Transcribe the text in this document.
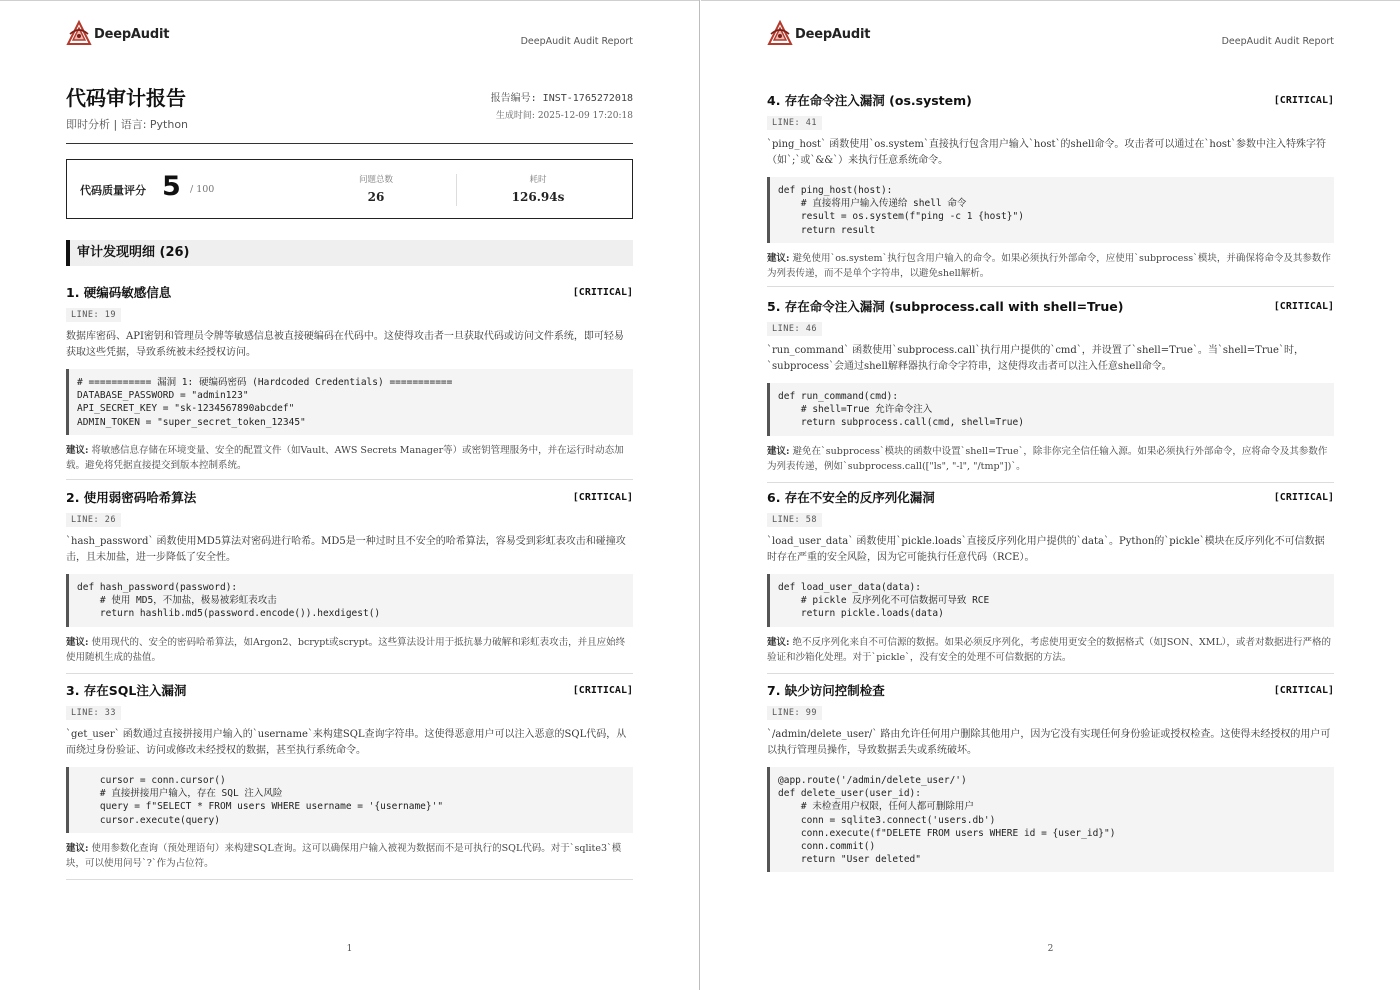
DeepAudit	DeepAudit Audit Report
代码审计报告
即时分析 | 语言: Python
报告编号: INST-1765272018
生成时间: 2025-12-09 17:20:18
代码质量评分 5 / 100
问题总数
26
耗时
126.94s
审计发现明细 (26)
1. 硬编码敏感信息	[CRITICAL]
LINE: 19
数据库密码、API密钥和管理员令牌等敏感信息被直接硬编码在代码中。这使得攻击者一旦获取代码或访问文件系统，即可轻易获取这些凭据，导致系统被未经授权访问。
# =========== 漏洞 1: 硬编码密码 (Hardcoded Credentials) ===========
DATABASE_PASSWORD = "admin123"
API_SECRET_KEY = "sk-1234567890abcdef"
ADMIN_TOKEN = "super_secret_token_12345"
建议: 将敏感信息存储在环境变量、安全的配置文件（如Vault、AWS Secrets Manager等）或密钥管理服务中，并在运行时动态加载。避免将凭据直接提交到版本控制系统。
2. 使用弱密码哈希算法	[CRITICAL]
LINE: 26
`hash_password` 函数使用MD5算法对密码进行哈希。MD5是一种过时且不安全的哈希算法，容易受到彩虹表攻击和碰撞攻击，且未加盐，进一步降低了安全性。
def hash_password(password):
# 使用 MD5，不加盐，极易被彩虹表攻击
return hashlib.md5(password.encode()).hexdigest()
建议: 使用现代的、安全的密码哈希算法，如Argon2、bcrypt或scrypt。这些算法设计用于抵抗暴力破解和彩虹表攻击，并且应始终使用随机生成的盐值。
3. 存在SQL注入漏洞	[CRITICAL]
LINE: 33
`get_user` 函数通过直接拼接用户输入的`username`来构建SQL查询字符串。这使得恶意用户可以注入恶意的SQL代码，从而绕过身份验证、访问或修改未经授权的数据，甚至执行系统命令。
cursor = conn.cursor()
# 直接拼接用户输入，存在 SQL 注入风险
query = f"SELECT * FROM users WHERE username = '{username}'"
cursor.execute(query)
建议: 使用参数化查询（预处理语句）来构建SQL查询。这可以确保用户输入被视为数据而不是可执行的SQL代码。对于`sqlite3`模块，可以使用问号`?`作为占位符。
1
DeepAudit	DeepAudit Audit Report
4. 存在命令注入漏洞 (os.system)	[CRITICAL]
LINE: 41
`ping_host` 函数使用`os.system`直接执行包含用户输入`host`的shell命令。攻击者可以通过在`host`参数中注入特殊字符（如`;`或`&&`）来执行任意系统命令。
def ping_host(host):
# 直接将用户输入传递给 shell 命令
result = os.system(f"ping -c 1 {host}")
return result
建议: 避免使用`os.system`执行包含用户输入的命令。如果必须执行外部命令，应使用`subprocess`模块，并确保将命令及其参数作为列表传递，而不是单个字符串，以避免shell解析。
5. 存在命令注入漏洞 (subprocess.call with shell=True)	[CRITICAL]
LINE: 46
`run_command` 函数使用`subprocess.call`执行用户提供的`cmd`，并设置了`shell=True`。当`shell=True`时，`subprocess`会通过shell解释器执行命令字符串，这使得攻击者可以注入任意shell命令。
def run_command(cmd):
# shell=True 允许命令注入
return subprocess.call(cmd, shell=True)
建议: 避免在`subprocess`模块的函数中设置`shell=True`，除非你完全信任输入源。如果必须执行外部命令，应将命令及其参数作为列表传递，例如`subprocess.call(["ls", "-l", "/tmp"])`。
6. 存在不安全的反序列化漏洞	[CRITICAL]
LINE: 58
`load_user_data` 函数使用`pickle.loads`直接反序列化用户提供的`data`。Python的`pickle`模块在反序列化不可信数据时存在严重的安全风险，因为它可能执行任意代码（RCE）。
def load_user_data(data):
# pickle 反序列化不可信数据可导致 RCE
return pickle.loads(data)
建议: 绝不反序列化来自不可信源的数据。如果必须反序列化，考虑使用更安全的数据格式（如JSON、XML），或者对数据进行严格的验证和沙箱化处理。对于`pickle`，没有安全的处理不可信数据的方法。
7. 缺少访问控制检查	[CRITICAL]
LINE: 99
`/admin/delete_user/` 路由允许任何用户删除其他用户，因为它没有实现任何身份验证或授权检查。这使得未经授权的用户可以执行管理员操作，导致数据丢失或系统破坏。
@app.route('/admin/delete_user/')
def delete_user(user_id):
# 未检查用户权限，任何人都可删除用户
conn = sqlite3.connect('users.db')
conn.execute(f"DELETE FROM users WHERE id = {user_id}")
conn.commit()
return "User deleted"
2
